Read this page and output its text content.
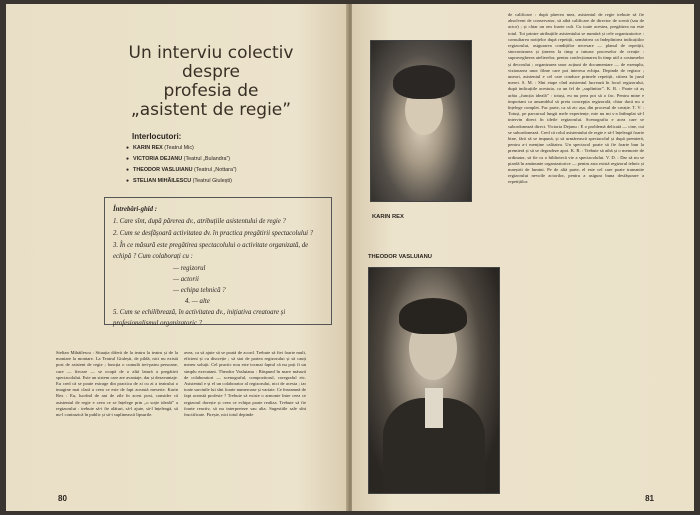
Un interviu colectiv
despre
profesia de
„asistent de regie”
Interlocutori:
● KARIN REX (Teatrul Mic)
● VICTORIA DEJANU (Teatrul „Bulandra”)
● THEODOR VASLUIANU (Teatrul „Nottara”)
● STELIAN MIHĂILESCU (Teatrul Giulești)
Întrebări-ghid :

1. Care sînt, după părerea dv., atribuțiile asistentului de regie ?

2. Cum se desfășoară activitatea dv. în practica pregătirii spectacolului ?

3. În ce măsură este pregătirea spectacolului o activitate organizată, de echipă ? Cum colaborați cu :

— regizorul

— actorii

— echipa tehnică ?

4. — alte

5. Cum se echilibrează, în activitatea dv., inițiativa creatoare și profesionalismul organizatoric ?

Stelian Mihăilescu : Situația diferă de la teatru la teatru și de la montare la montare. La Teatrul Giulești, de pildă, nici nu există post de asistent de regie ; funcția o cumulă trei-patru persoane, care — fiecare — se ocupă de o altă latură a pregătirii spectacolului. Este un sistem care are avantaje, dar și dezavantaje. Eu cred că se poate extrage din practica de zi cu zi a teatrului o imagine mai clară a ceea ce este de fapt această meserie. Karin Rex : Eu, lucrînd de ani de zile în acest post, consider că asistentul de regie e ceea ce se înțelege prin „o soție ideală” a regizorului : trebuie să-i fie alături, să-l ajute, să-l înțeleagă, să nu-l contrazică în public și să-i suplinească lipsurile.
avea, ca să ajute să se poată de acord. Trebuie să fiei foarte mult, eficient și cu discreție ; să stai de partea regizorului și să cauți mereu soluții. Cel practic nou este tocmai faptul că nu poți fi un simplu executant. Theodor Vasluianu : Răspund în mare măsură de colaboratori — scenograful, compozitorul, coregraful etc. Asistentul e și el un colaborator al regizorului, nici de acesta ; iar toate sarcinile lui sînt foarte numeroase și variate. Ce înseamnă de fapt această profesie ? Trebuie să existe o armonie între ceea ce regizorul dorește și ceea ce echipa poate realiza. Trebuie să fie foarte reactiv, să nu interpreteze sau alta. Sugestiile sale sînt fructificate. Firește, nici totul depinde
80
KARIN REX
THEODOR VASLUIANU
de calificare : după părerea mea, asistentul de regie trebuie să fie absolvent de conservator, să aibă calificare de director de scenă (sau de actor) ; și chiar un om foarte cult. Cu toate acestea, pregătirea nu este totul. Tot printre atribuțiile asistentului se numără și cele organizatorice : consultarea notițelor după repetiții, urmărirea ca îndeplinirea indicațiilor regizorului, asigurarea condițiilor necesare — planul de repetiții, sincronizarea și ținerea la timp a tuturor proceselor de creație : supravegherea atelierelor, pentru confecționarea în timp util a costumelor și decorului ; organizarea unor acțiuni de documentare — de exemplu, vizionarea unor filme care pot interesa echipa. Depinde de regizor ; uneori, asistentul e cel care conduce primele repetiții, citirea în jurul mesei. S. M. : Sînt etape cînd asistentul lucrează în locul regizorului, după indicațiile acestuia, ca un fel de „suplinitor”. K. R. : Poate că aș arăta „funcția ideală” : totuși, eu nu prea pot să o fac. Pentru mine e important ca ansamblul să preia concepția regizorală, chiar dacă nu o înțelege complet. Fac parte, ca să zic așa, din procesul de creație. T. V. : Totuși, pe parcursul lungii mele experiențe, mie nu mi s-a întîmplat să-l intervin direct în ideile regizorului. Scenografia e acea care se subordonează direct. Victoria Dejanu : E o problemă delicată — cine, cui se subordonează. Cred că rolul asistentului de regie e să-l înțeleagă foarte bine, fără să se impună, și să urmărească spectacolul și după premieră, pentru a-i menține calitatea. Un spectacol poate să fie foarte bun la premieră și să se degradeze apoi. K. R. : Trebuie să aibă și o memorie de ordinator, să fie ca o bibliotecă vie a spectacolului. V. D. : Dar să nu se piardă în amănunte organizatorice — pentru asta există regizorul tehnic și maeștrii de lumini. Pe de altă parte, el este cel care poate transmite regizorului nevoile actorilor, pentru a asigura buna desfășurare a repetițiilor.
81
